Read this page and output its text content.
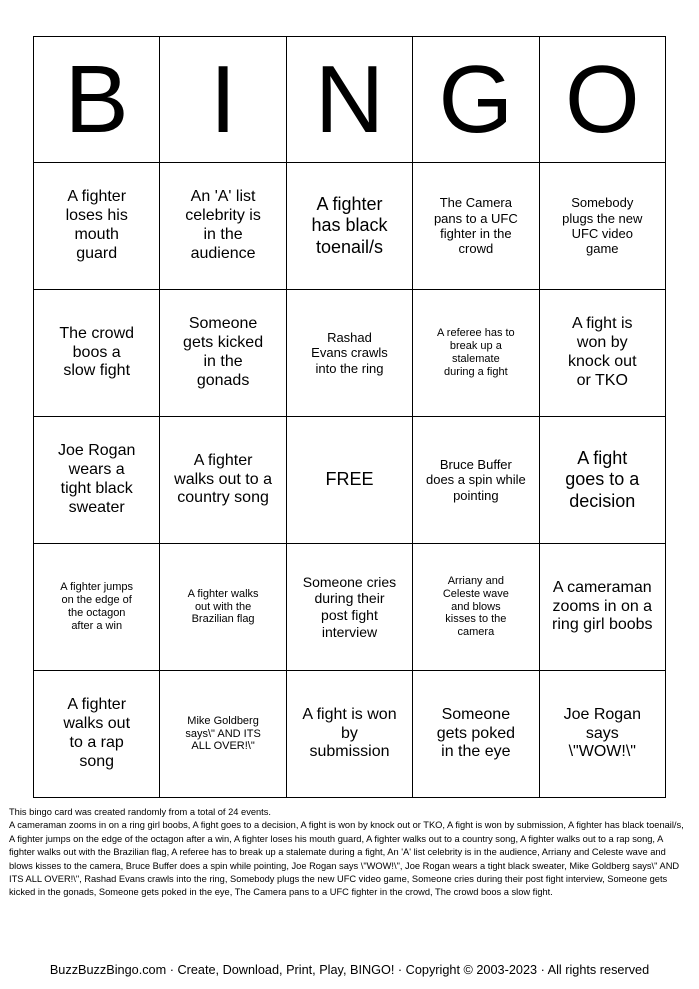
B	I	N	G	O
A fighter loses his mouth guard	An 'A' list celebrity is in the audience	A fighter has black toenail/s	The Camera pans to a UFC fighter in the crowd	Somebody plugs the new UFC video game
The crowd boos a slow fight	Someone gets kicked in the gonads	Rashad Evans crawls into the ring	A referee has to break up a stalemate during a fight	A fight is won by knock out or TKO
Joe Rogan wears a tight black sweater	A fighter walks out to a country song	FREE	Bruce Buffer does a spin while pointing	A fight goes to a decision
A fighter jumps on the edge of the octagon after a win	A fighter walks out with the Brazilian flag	Someone cries during their post fight interview	Arriany and Celeste wave and blows kisses to the camera	A cameraman zooms in on a ring girl boobs
A fighter walks out to a rap song	Mike Goldberg says\" AND ITS ALL OVER!\"	A fight is won by submission	Someone gets poked in the eye	Joe Rogan says \"WOW!\"
This bingo card was created randomly from a total of 24 events.
A cameraman zooms in on a ring girl boobs, A fight goes to a decision, A fight is won by knock out or TKO, A fight is won by submission, A fighter has black toenail/s, A fighter jumps on the edge of the octagon after a win, A fighter loses his mouth guard, A fighter walks out to a country song, A fighter walks out to a rap song, A fighter walks out with the Brazilian flag, A referee has to break up a stalemate during a fight, An 'A' list celebrity is in the audience, Arriany and Celeste wave and blows kisses to the camera, Bruce Buffer does a spin while pointing, Joe Rogan says \"WOW!\", Joe Rogan wears a tight black sweater, Mike Goldberg says\" AND ITS ALL OVER!\", Rashad Evans crawls into the ring, Somebody plugs the new UFC video game, Someone cries during their post fight interview, Someone gets kicked in the gonads, Someone gets poked in the eye, The Camera pans to a UFC fighter in the crowd, The crowd boos a slow fight.
BuzzBuzzBingo.com · Create, Download, Print, Play, BINGO! · Copyright © 2003-2023 · All rights reserved
